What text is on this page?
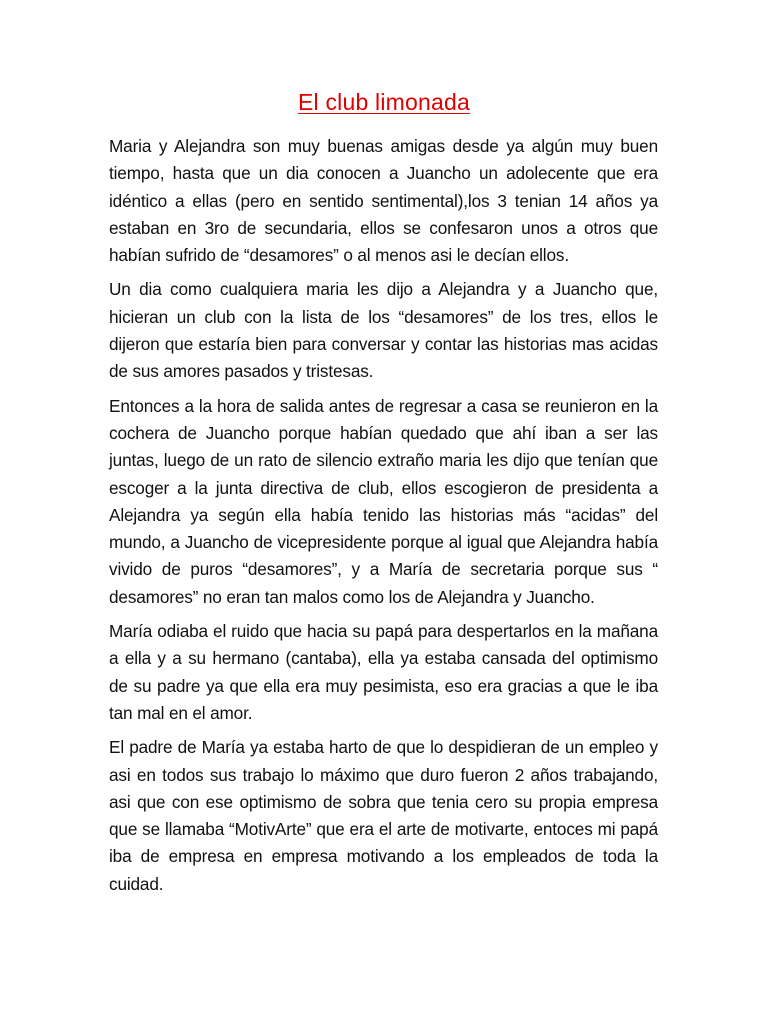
El club limonada

Maria y Alejandra son muy buenas amigas desde ya algún muy buen tiempo, hasta que un dia conocen a Juancho un adolecente que era idéntico a ellas (pero en sentido sentimental),los 3 tenian 14 años ya estaban en 3ro de secundaria, ellos se confesaron unos a otros que habían sufrido de “desamores” o al menos asi le decían ellos.

Un dia como cualquiera maria les dijo a Alejandra y a Juancho que, hicieran un club con la lista de los “desamores” de los tres, ellos le dijeron que estaría bien para conversar y contar las historias mas acidas de sus amores pasados y tristesas.

Entonces a la hora de salida antes de regresar a casa se reunieron en la cochera de Juancho porque habían quedado que ahí iban a ser las juntas, luego de un rato de silencio extraño maria les dijo que tenían que escoger a la junta directiva de club, ellos escogieron de presidenta a Alejandra ya según ella había tenido las historias más “acidas” del mundo, a Juancho de vicepresidente porque al igual que Alejandra había vivido de puros “desamores”, y a María de secretaria porque sus “ desamores” no eran tan malos como los de Alejandra y Juancho.

María odiaba el ruido que hacia su papá para despertarlos en la mañana a ella y a su hermano (cantaba), ella ya estaba cansada del optimismo de su padre ya que ella era muy pesimista, eso era gracias a que le iba tan mal en el amor.

El padre de María ya estaba harto de que lo despidieran de un empleo y asi en todos sus trabajo lo máximo que duro fueron 2 años trabajando, asi que con ese optimismo de sobra que tenia cero su propia empresa que se llamaba “MotivArte” que era el arte de motivarte, entoces mi papá iba de empresa en empresa motivando a los empleados de toda la cuidad.
